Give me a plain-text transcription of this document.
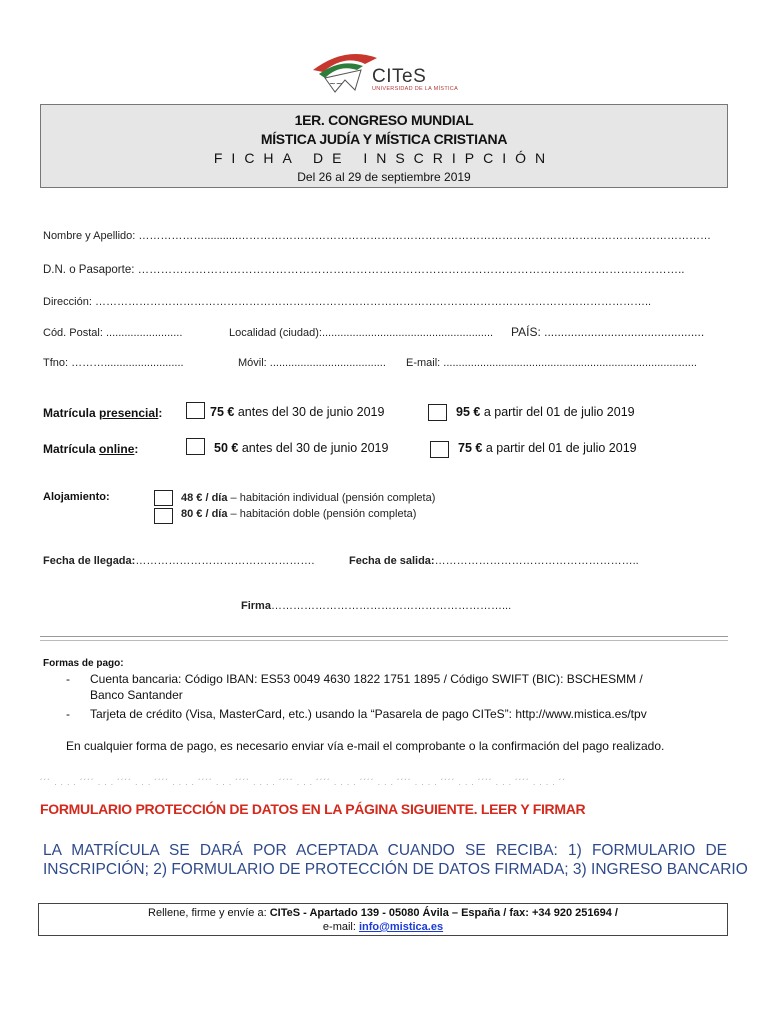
~~ CITeS
UNIVERSIDAD DE LA MÍSTICA
1ER. CONGRESO MUNDIAL
MÍSTICA JUDÍA Y MÍSTICA CRISTIANA
FICHA DE INSCRIPCIÓN
Del 26 al 29 de septiembre 2019
Nombre y Apellido: ………………...........…………………………………………………………………………………………………………………
D.N. o Pasaporte: ……………………………………………………………………………………………………………………………..
Dirección: ……………………………………………………………………………………………………………………………………..
Cód. Postal: .........................	Localidad (ciudad):........................................................ PAÍS: ................................................
Tfno: ………..........................	Móvil: ...................................... E-mail: ...................................................................................
Matrícula presencial:	75 € antes del 30 de junio 2019	95 € a partir del 01 de julio 2019
Matrícula online:	50 € antes del 30 de junio 2019	75 € a partir del 01 de julio 2019
Alojamiento:	48 € / día – habitación individual (pensión completa)
80 € / día – habitación doble (pensión completa)
Fecha de llegada:………………………………………….	Fecha de salida:………………………………………………..
Firma………………………………………………………...
Formas de pago:
- Cuenta bancaria: Código IBAN: ES53 0049 4630 1822 1751 1895 / Código SWIFT (BIC): BSCHESMM /
Banco Santander
- Tarjeta de crédito (Visa, MasterCard, etc.) usando la “Pasarela de pago CITeS”: http://www.mistica.es/tpv
En cualquier forma de pago, es necesario enviar vía e-mail el comprobante o la confirmación del pago realizado.
´´´ . . . . ´´´´ . . . ´´´´ . . . ´´´´ . . . . ´´´´ . . . ´´´´ . . . . ´´´´ . . . ´´´´ . . . . ´´´´ . . . ´´´´ . . . . ´´´´ . . . ´´´´ . . . ´´´´ . . . . ´´
FORMULARIO PROTECCIÓN DE DATOS EN LA PÁGINA SIGUIENTE. LEER Y FIRMAR
LA MATRÍCULA SE DARÁ POR ACEPTADA CUANDO SE RECIBA: 1) FORMULARIO DE
INSCRIPCIÓN; 2) FORMULARIO DE PROTECCIÓN DE DATOS FIRMADA; 3) INGRESO BANCARIO
Rellene, firme y envíe a: CITeS - Apartado 139 - 05080 Ávila – España / fax: +34 920 251694 /
e-mail: info@mistica.es
